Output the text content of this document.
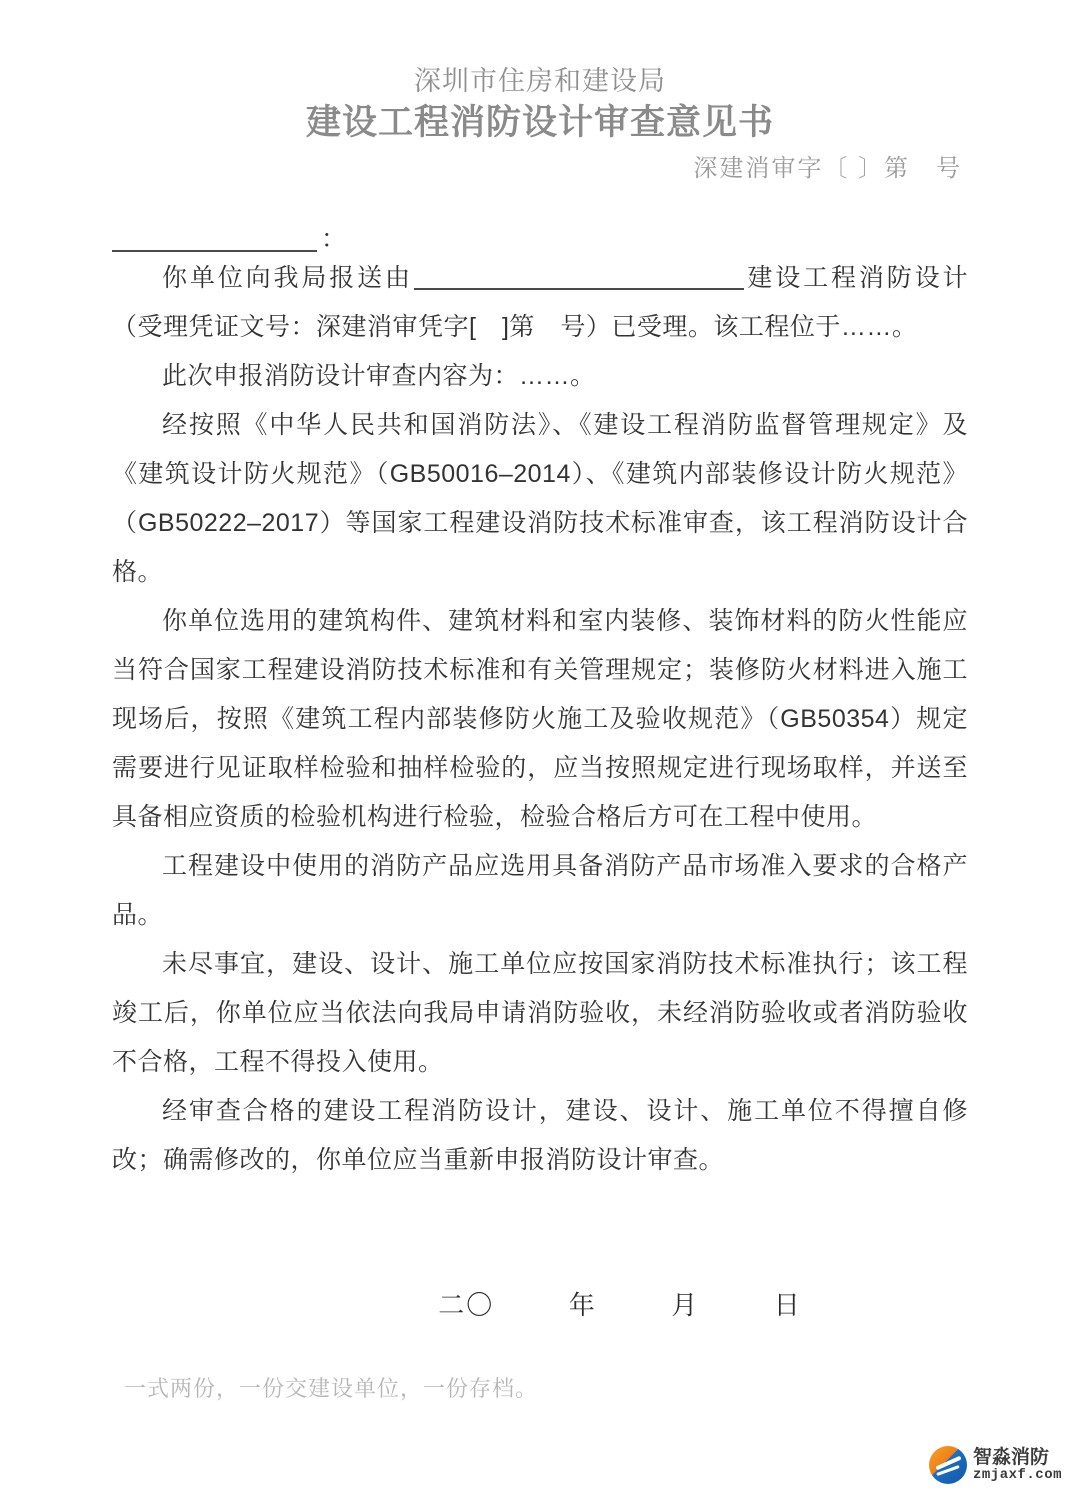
深圳市住房和建设局
建设工程消防设计审查意见书
深建消审字〔 〕第　号
：

你单位向我局报送由	建设工程消防设计（受理凭证文号：深建消审凭字[　]第　号）已受理。该工程位于……。

此次申报消防设计审查内容为：……。

经按照《中华人民共和国消防法》、《建设工程消防监督管理规定》及《建筑设计防火规范》（GB50016–2014）、《建筑内部装修设计防火规范》（GB50222–2017）等国家工程建设消防技术标准审查，该工程消防设计合格。

你单位选用的建筑构件、建筑材料和室内装修、装饰材料的防火性能应当符合国家工程建设消防技术标准和有关管理规定；装修防火材料进入施工现场后，按照《建筑工程内部装修防火施工及验收规范》（GB50354）规定需要进行见证取样检验和抽样检验的，应当按照规定进行现场取样，并送至具备相应资质的检验机构进行检验，检验合格后方可在工程中使用。

工程建设中使用的消防产品应选用具备消防产品市场准入要求的合格产品。

未尽事宜，建设、设计、施工单位应按国家消防技术标准执行；该工程竣工后，你单位应当依法向我局申请消防验收，未经消防验收或者消防验收不合格，工程不得投入使用。

经审查合格的建设工程消防设计，建设、设计、施工单位不得擅自修改；确需修改的，你单位应当重新申报消防设计审查。

二〇	年	月	日
一式两份，一份交建设单位，一份存档。
智淼消防
zmjaxf.com
